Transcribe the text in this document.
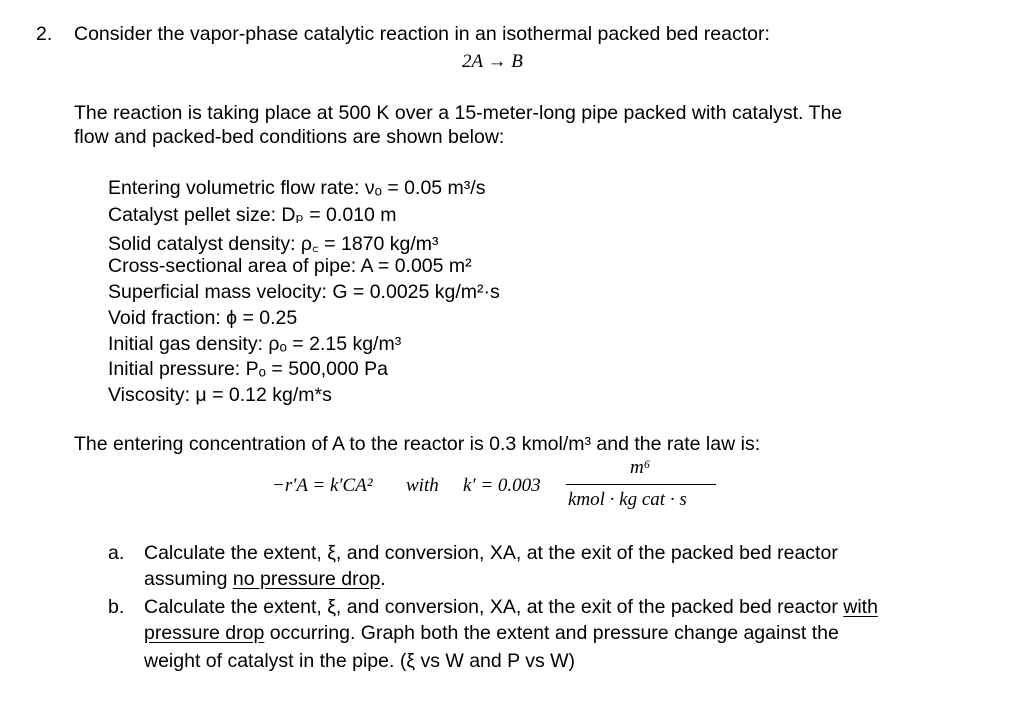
2. Consider the vapor-phase catalytic reaction in an isothermal packed bed reactor:
2A → B
The reaction is taking place at 500 K over a 15-meter-long pipe packed with catalyst. The
flow and packed-bed conditions are shown below:
Entering volumetric flow rate: νₒ = 0.05 m³/s
Catalyst pellet size: Dₚ = 0.010 m
Solid catalyst density: ρ꜀ = 1870 kg/m³
Cross-sectional area of pipe: A = 0.005 m²
Superficial mass velocity: G = 0.0025 kg/m²·s
Void fraction: ϕ = 0.25
Initial gas density: ρₒ = 2.15 kg/m³
Initial pressure: Pₒ = 500,000 Pa
Viscosity: μ = 0.12 kg/m*s
The entering concentration of A to the reactor is 0.3 kmol/m³ and the rate law is:
−r′A = k′CA² with k′ = 0.003
m⁶
kmol · kg cat · s
a. Calculate the extent, ξ, and conversion, XA, at the exit of the packed bed reactor
assuming no pressure drop.
b. Calculate the extent, ξ, and conversion, XA, at the exit of the packed bed reactor with
pressure drop occurring. Graph both the extent and pressure change against the
weight of catalyst in the pipe. (ξ vs W and P vs W)
